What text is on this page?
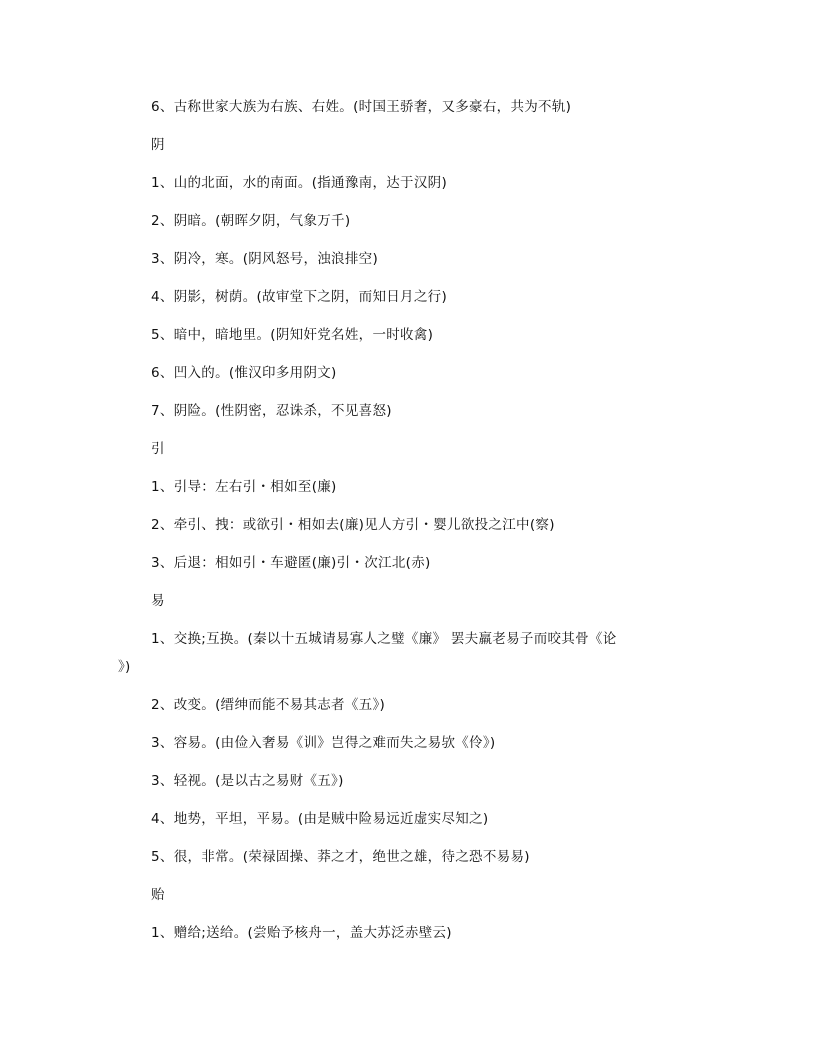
6、古称世家大族为右族、右姓。(时国王骄奢，又多豪右，共为不轨)
阴
1、山的北面，水的南面。(指通豫南，达于汉阴)
2、阴暗。(朝晖夕阴，气象万千)
3、阴冷，寒。(阴风怒号，浊浪排空)
4、阴影，树荫。(故审堂下之阴，而知日月之行)
5、暗中，暗地里。(阴知奸党名姓，一时收禽)
6、凹入的。(惟汉印多用阴文)
7、阴险。(性阴密，忍诛杀，不见喜怒)
引
1、引导：左右引・相如至(廉)
2、牵引、拽：或欲引・相如去(廉)见人方引・婴儿欲投之江中(察)
3、后退：相如引・车避匿(廉)引・次江北(赤)
易
1、交换;互换。(秦以十五城请易寡人之璧《廉》 罢夫羸老易子而咬其骨《论
》)
2、改变。(缙绅而能不易其志者《五》)
3、容易。(由俭入奢易《训》岂得之难而失之易欤《伶》)
3、轻视。(是以古之易财《五》)
4、地势，平坦，平易。(由是贼中险易远近虚实尽知之)
5、很，非常。(荣禄固操、莽之才，绝世之雄，待之恐不易易)
贻
1、赠给;送给。(尝贻予核舟一，盖大苏泛赤壁云)
